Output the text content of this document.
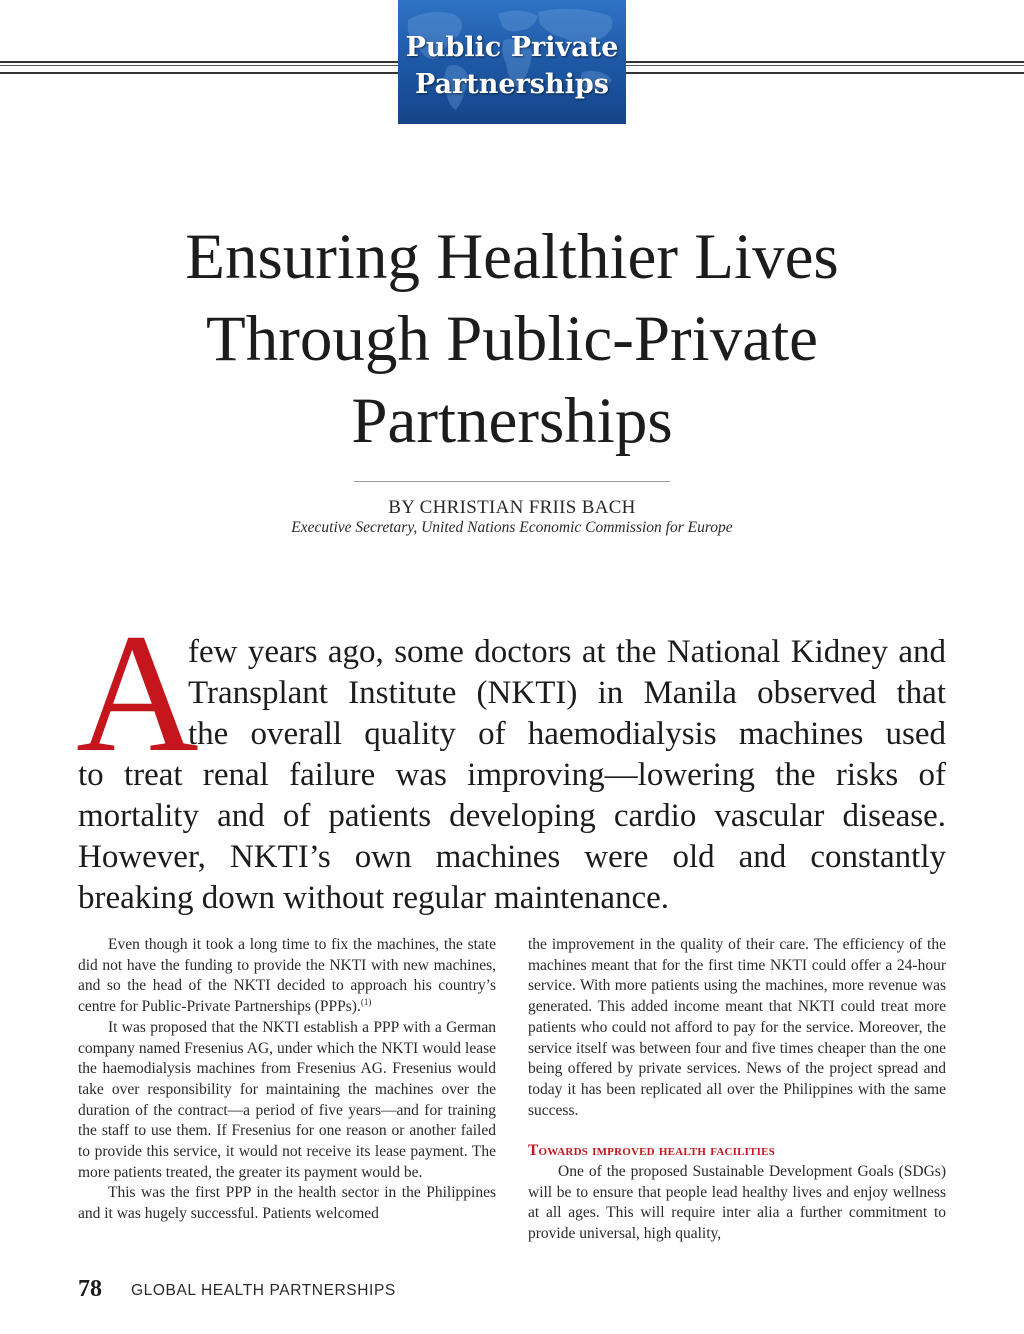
Public Private
Partnerships
Ensuring Healthier Lives
Through Public-Private
Partnerships
BY CHRISTIAN FRIIS BACH
Executive Secretary, United Nations Economic Commission for Europe
A
few years ago, some doctors at the National Kidney and
Transplant Institute (NKTI) in Manila observed that
the overall quality of haemodialysis machines used
to treat renal failure was improving—lowering the risks of
mortality and of patients developing cardio vascular disease.
However, NKTI’s own machines were old and constantly
breaking down without regular maintenance.

Even though it took a long time to fix the machines, the state did not have the funding to provide the NKTI with new machines, and so the head of the NKTI decided to approach his country’s centre for Public-Private Partnerships (PPPs).$^{(1)}$

It was proposed that the NKTI establish a PPP with a German company named Fresenius AG, under which the NKTI would lease the haemodialysis machines from Fresenius AG. Fresenius would take over responsibility for maintaining the machines over the duration of the contract—a period of five years—and for training the staff to use them. If Fresenius for one reason or another failed to provide this service, it would not receive its lease payment. The more patients treated, the greater its payment would be.

This was the first PPP in the health sector in the Philippines and it was hugely successful. Patients welcomed

the improvement in the quality of their care. The efficiency of the machines meant that for the first time NKTI could offer a 24-hour service. With more patients using the machines, more revenue was generated. This added income meant that NKTI could treat more patients who could not afford to pay for the service. Moreover, the service itself was between four and five times cheaper than the one being offered by private services. News of the project spread and today it has been replicated all over the Philippines with the same success.

Towards improved health facilities

One of the proposed Sustainable Development Goals (SDGs) will be to ensure that people lead healthy lives and enjoy wellness at all ages. This will require inter alia a further commitment to provide universal, high quality,

78 GLOBAL HEALTH PARTNERSHIPS
